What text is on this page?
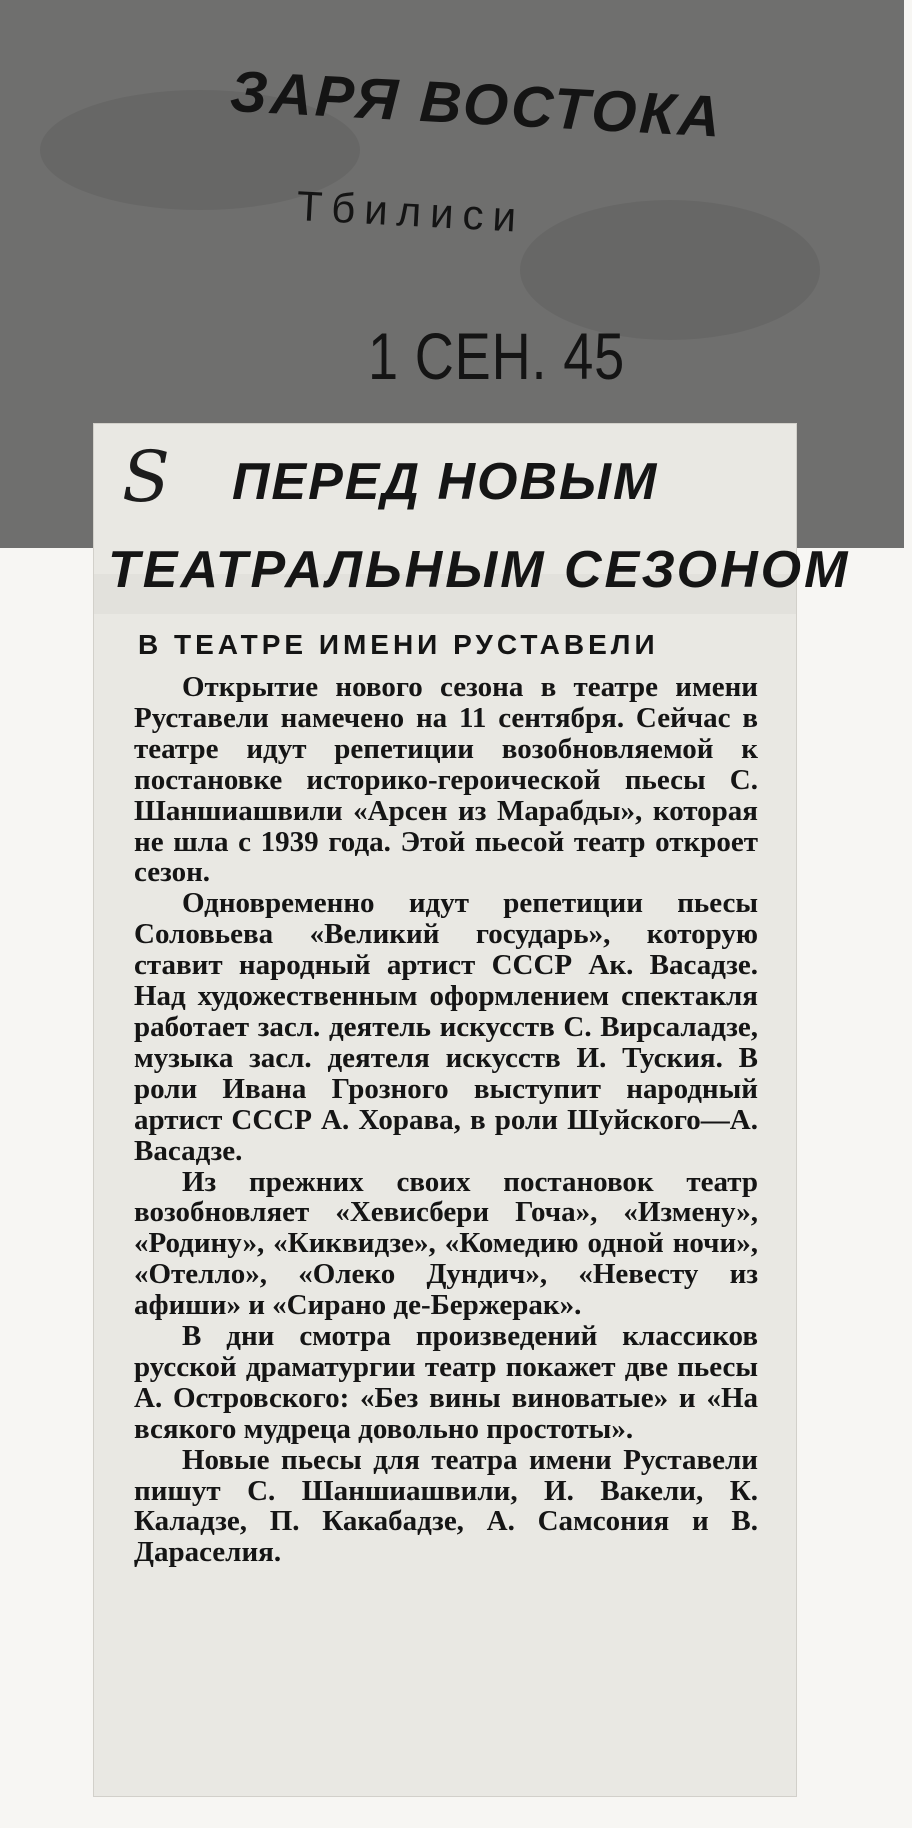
ЗАРЯ ВОСТОКА

Тбилиси

1 СЕН. 45

S ПЕРЕД НОВЫМ
ТЕАТРАЛЬНЫМ СЕЗОНОМ
В ТЕАТРЕ ИМЕНИ РУСТАВЕЛИ

Открытие нового сезона в театре имени Руставели намечено на 11 сентября. Сейчас в театре идут репетиции возобновляемой к постановке историко-героической пьесы С. Шаншиашвили «Арсен из Марабды», которая не шла с 1939 года. Этой пьесой театр откроет сезон.

Одновременно идут репетиции пьесы Соловьева «Великий государь», которую ставит народный артист СССР Ак. Васадзе. Над художественным оформлением спектакля работает засл. деятель искусств С. Вирсаладзе, музыка засл. деятеля искусств И. Туския. В роли Ивана Грозного выступит народный артист СССР А. Хорава, в роли Шуйского—А. Васадзе.

Из прежних своих постановок театр возобновляет «Хевисбери Гоча», «Измену», «Родину», «Киквидзе», «Комедию одной ночи», «Отелло», «Олеко Дундич», «Невесту из афиши» и «Сирано де-Бержерак».

В дни смотра произведений классиков русской драматургии театр покажет две пьесы А. Островского: «Без вины виноватые» и «На всякого мудреца довольно простоты».

Новые пьесы для театра имени Руставели пишут С. Шаншиашвили, И. Вакели, К. Каладзе, П. Какабадзе, А. Самсония и В. Дараселия.
